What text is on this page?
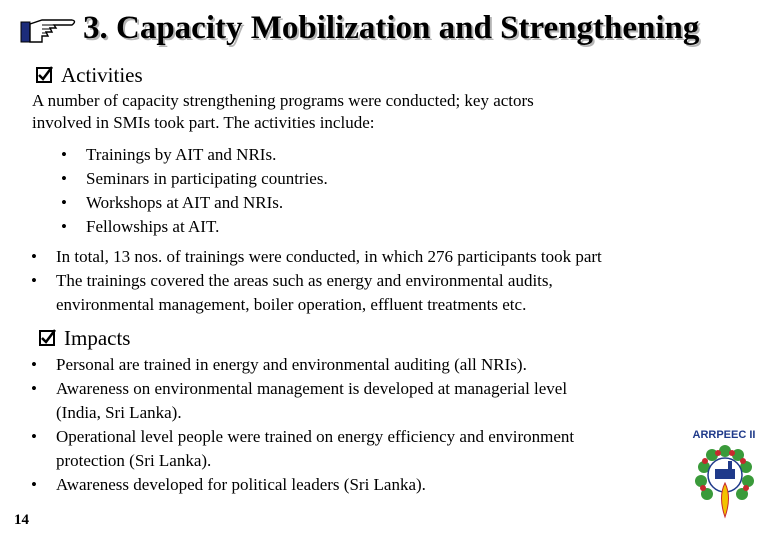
3. Capacity Mobilization and Strengthening
Activities
A number of capacity strengthening programs were conducted; key actors
involved in SMIs took part. The activities include:
• Trainings by AIT and NRIs.
• Seminars in participating countries.
• Workshops at AIT and NRIs.
• Fellowships at AIT.
• In total, 13 nos. of trainings were conducted, in which 276 participants took part
• The trainings covered the areas such as energy and environmental audits,
environmental management, boiler operation, effluent treatments etc.
Impacts
• Personal are trained in energy and environmental auditing (all NRIs).
• Awareness on environmental management is developed at managerial level
(India, Sri Lanka).
• Operational level people were trained on energy efficiency and environment
protection (Sri Lanka).
• Awareness developed for political leaders (Sri Lanka).
ARRPEEC II
14
